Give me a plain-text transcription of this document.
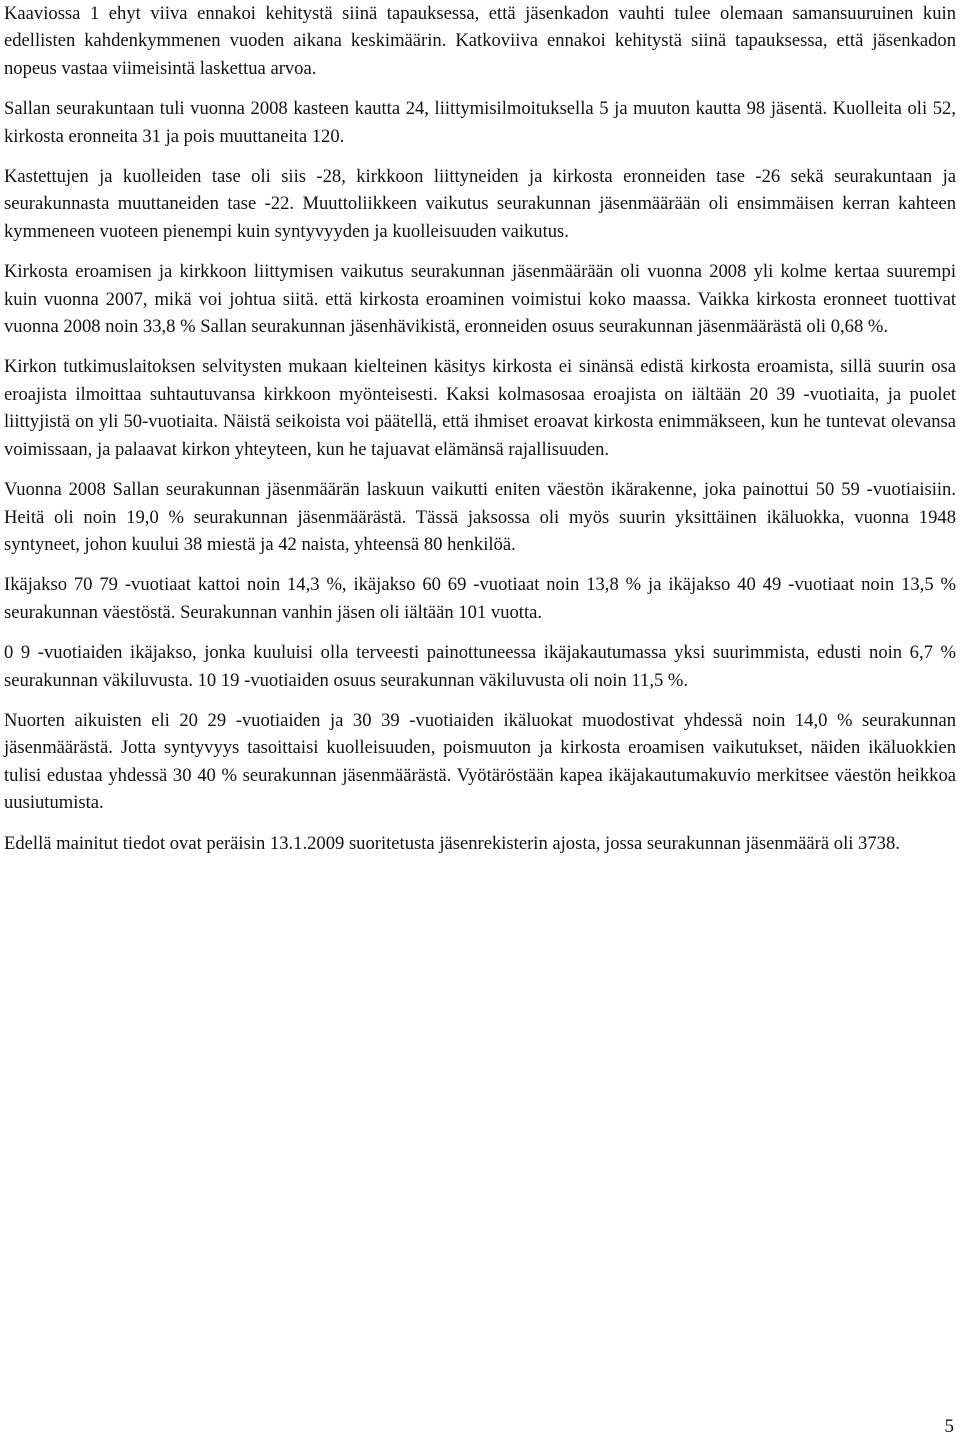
Kaaviossa 1 ehyt viiva ennakoi kehitystä siinä tapauksessa, että jäsenkadon vauhti tulee olemaan samansuuruinen kuin edellisten kahdenkymmenen vuoden aikana keskimäärin. Katkoviiva ennakoi kehitystä siinä tapauksessa, että jäsenkadon nopeus vastaa viimeisintä laskettua arvoa.

Sallan seurakuntaan tuli vuonna 2008 kasteen kautta 24, liittymisilmoituksella 5 ja muuton kautta 98 jäsentä. Kuolleita oli 52, kirkosta eronneita 31 ja pois muuttaneita 120.

Kastettujen ja kuolleiden tase oli siis -28, kirkkoon liittyneiden ja kirkosta eronneiden tase -26 sekä seurakuntaan ja seurakunnasta muuttaneiden tase -22. Muuttoliikkeen vaikutus seurakunnan jäsenmäärään oli ensimmäisen kerran kahteen kymmeneen vuoteen pienempi kuin syntyvyyden ja kuolleisuuden vaikutus.

Kirkosta eroamisen ja kirkkoon liittymisen vaikutus seurakunnan jäsenmäärään oli vuonna 2008 yli kolme kertaa suurempi kuin vuonna 2007, mikä voi johtua siitä. että kirkosta eroaminen voimistui koko maassa. Vaikka kirkosta eronneet tuottivat vuonna 2008 noin 33,8 % Sallan seurakunnan jäsenhävikistä, eronneiden osuus seurakunnan jäsenmäärästä oli 0,68 %.

Kirkon tutkimuslaitoksen selvitysten mukaan kielteinen käsitys kirkosta ei sinänsä edistä kirkosta eroamista, sillä suurin osa eroajista ilmoittaa suhtautuvansa kirkkoon myönteisesti. Kaksi kolmasosaa eroajista on iältään 20 39 -vuotiaita, ja puolet liittyjistä on yli 50-vuotiaita. Näistä seikoista voi päätellä, että ihmiset eroavat kirkosta enimmäkseen, kun he tuntevat olevansa voimissaan, ja palaavat kirkon yhteyteen, kun he tajuavat elämänsä rajallisuuden.

Vuonna 2008 Sallan seurakunnan jäsenmäärän laskuun vaikutti eniten väestön ikärakenne, joka painottui 50 59 -vuotiaisiin. Heitä oli noin 19,0 % seurakunnan jäsenmäärästä. Tässä jaksossa oli myös suurin yksittäinen ikäluokka, vuonna 1948 syntyneet, johon kuului 38 miestä ja 42 naista, yhteensä 80 henkilöä.

Ikäjakso 70 79 -vuotiaat kattoi noin 14,3 %, ikäjakso 60 69 -vuotiaat noin 13,8 % ja ikäjakso 40 49 -vuotiaat noin 13,5 % seurakunnan väestöstä. Seurakunnan vanhin jäsen oli iältään 101 vuotta.

0 9 -vuotiaiden ikäjakso, jonka kuuluisi olla terveesti painottuneessa ikäjakautumassa yksi suurimmista, edusti noin 6,7 % seurakunnan väkiluvusta. 10 19 -vuotiaiden osuus seurakunnan väkiluvusta oli noin 11,5 %.

Nuorten aikuisten eli 20 29 -vuotiaiden ja 30 39 -vuotiaiden ikäluokat muodostivat yhdessä noin 14,0 % seurakunnan jäsenmäärästä. Jotta syntyvyys tasoittaisi kuolleisuuden, poismuuton ja kirkosta eroamisen vaikutukset, näiden ikäluokkien tulisi edustaa yhdessä 30 40 % seurakunnan jäsenmäärästä. Vyötäröstään kapea ikäjakautumakuvio merkitsee väestön heikkoa uusiutumista.

Edellä mainitut tiedot ovat peräisin 13.1.2009 suoritetusta jäsenrekisterin ajosta, jossa seurakunnan jäsenmäärä oli 3738.

5
